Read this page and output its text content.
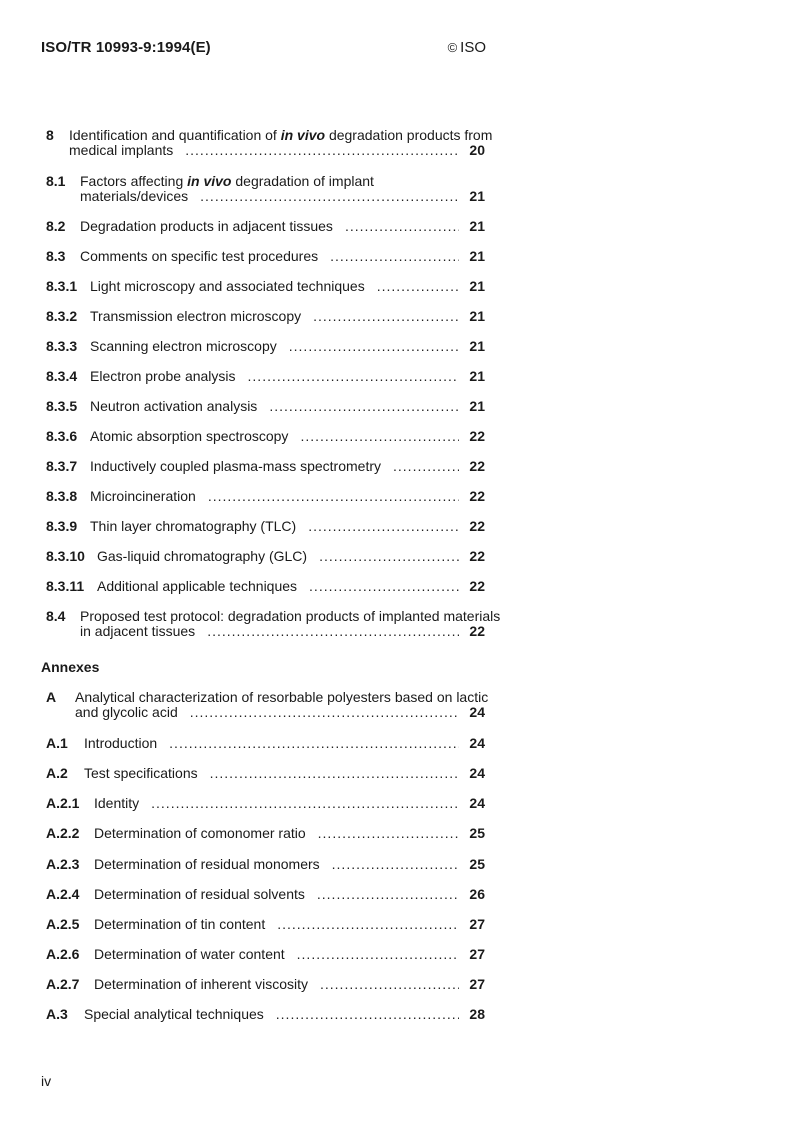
ISO/TR 10993-9:1994(E)	© ISO
8 Identification and quantification of in vivo degradation products from
medical implants .....	20
8.1 Factors affecting in vivo degradation of implant
materials/devices .....	21
8.2 Degradation products in adjacent tissues .....	21
8.3 Comments on specific test procedures .....	21
8.3.1 Light microscopy and associated techniques .....	21
8.3.2 Transmission electron microscopy .....	21
8.3.3 Scanning electron microscopy .....	21
8.3.4 Electron probe analysis .....	21
8.3.5 Neutron activation analysis .....	21
8.3.6 Atomic absorption spectroscopy .....	22
8.3.7 Inductively coupled plasma-mass spectrometry .....	22
8.3.8 Microincineration .....	22
8.3.9 Thin layer chromatography (TLC) .....	22
8.3.10 Gas-liquid chromatography (GLC) .....	22
8.3.11 Additional applicable techniques .....	22
8.4 Proposed test protocol: degradation products of implanted materials
in adjacent tissues .....	22
Annexes
A Analytical characterization of resorbable polyesters based on lactic
and glycolic acid .....	24
A.1 Introduction .....	24
A.2 Test specifications .....	24
A.2.1 Identity .....	24
A.2.2 Determination of comonomer ratio .....	25
A.2.3 Determination of residual monomers .....	25
A.2.4 Determination of residual solvents .....	26
A.2.5 Determination of tin content .....	27
A.2.6 Determination of water content .....	27
A.2.7 Determination of inherent viscosity .....	27
A.3 Special analytical techniques .....	28
iv
